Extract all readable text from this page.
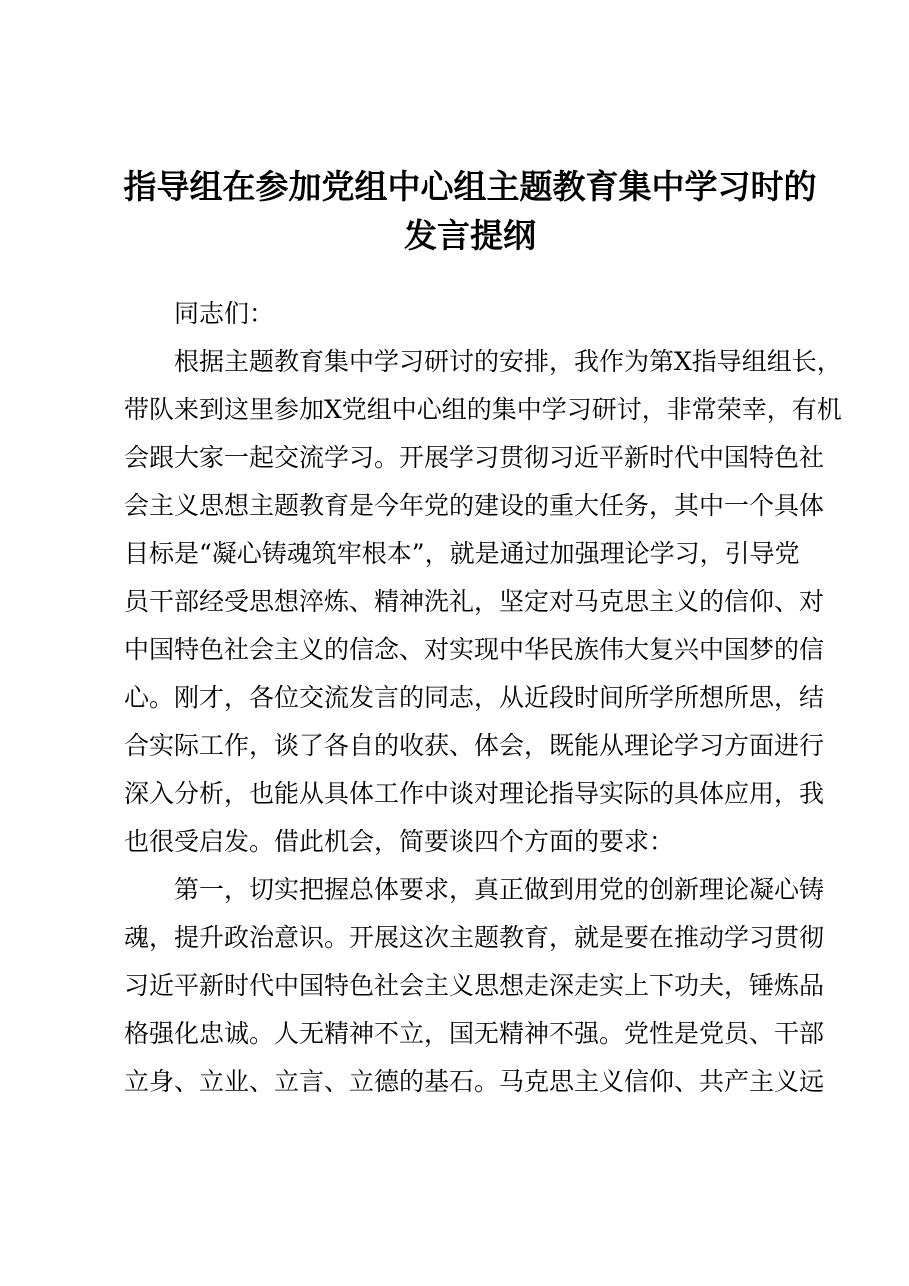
指导组在参加党组中心组主题教育集中学习时的
发言提纲

同志们：

根据主题教育集中学习研讨的安排，我作为第X指导组组长，
带队来到这里参加X党组中心组的集中学习研讨，非常荣幸，有机
会跟大家一起交流学习。开展学习贯彻习近平新时代中国特色社
会主义思想主题教育是今年党的建设的重大任务，其中一个具体
目标是“凝心铸魂筑牢根本”，就是通过加强理论学习，引导党
员干部经受思想淬炼、精神洗礼，坚定对马克思主义的信仰、对
中国特色社会主义的信念、对实现中华民族伟大复兴中国梦的信
心。刚才，各位交流发言的同志，从近段时间所学所想所思，结
合实际工作，谈了各自的收获、体会，既能从理论学习方面进行
深入分析，也能从具体工作中谈对理论指导实际的具体应用，我
也很受启发。借此机会，简要谈四个方面的要求：

第一，切实把握总体要求，真正做到用党的创新理论凝心铸
魂，提升政治意识。开展这次主题教育，就是要在推动学习贯彻
习近平新时代中国特色社会主义思想走深走实上下功夫，锤炼品
格强化忠诚。人无精神不立，国无精神不强。党性是党员、干部
立身、立业、立言、立德的基石。马克思主义信仰、共产主义远
